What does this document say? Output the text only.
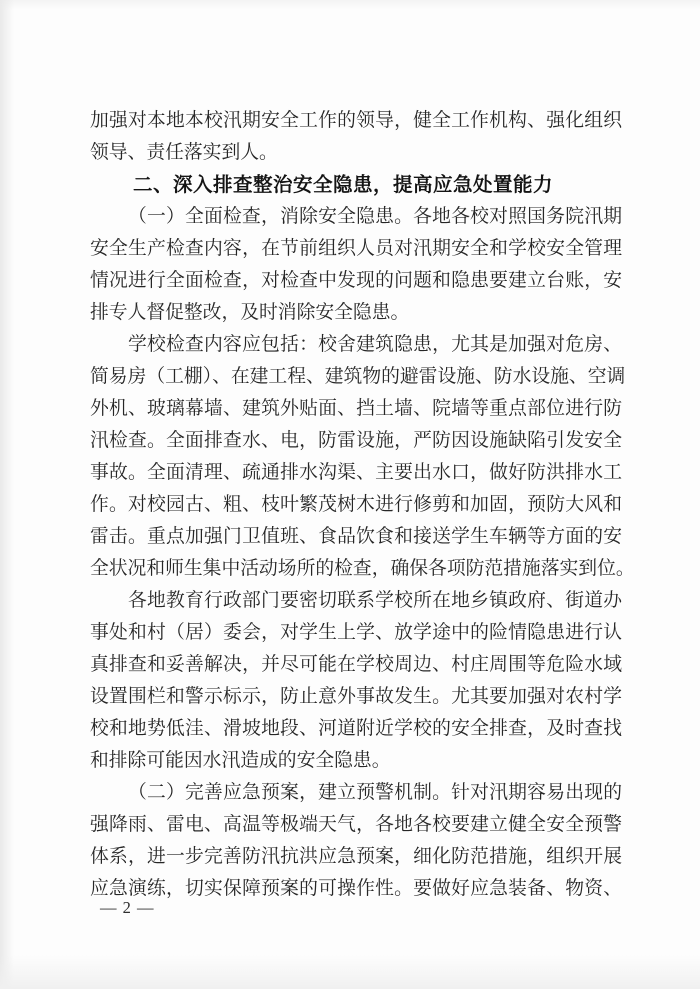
加强对本地本校汛期安全工作的领导，健全工作机构、强化组织
领导、责任落实到人。
二、深入排查整治安全隐患，提高应急处置能力
（一）全面检查，消除安全隐患。各地各校对照国务院汛期
安全生产检查内容，在节前组织人员对汛期安全和学校安全管理
情况进行全面检查，对检查中发现的问题和隐患要建立台账，安
排专人督促整改，及时消除安全隐患。
学校检查内容应包括：校舍建筑隐患，尤其是加强对危房、
简易房（工棚）、在建工程、建筑物的避雷设施、防水设施、空调
外机、玻璃幕墙、建筑外贴面、挡土墙、院墙等重点部位进行防
汛检查。全面排查水、电，防雷设施，严防因设施缺陷引发安全
事故。全面清理、疏通排水沟渠、主要出水口，做好防洪排水工
作。对校园古、粗、枝叶繁茂树木进行修剪和加固，预防大风和
雷击。重点加强门卫值班、食品饮食和接送学生车辆等方面的安
全状况和师生集中活动场所的检查，确保各项防范措施落实到位。
各地教育行政部门要密切联系学校所在地乡镇政府、街道办
事处和村（居）委会，对学生上学、放学途中的险情隐患进行认
真排查和妥善解决，并尽可能在学校周边、村庄周围等危险水域
设置围栏和警示标示，防止意外事故发生。尤其要加强对农村学
校和地势低洼、滑坡地段、河道附近学校的安全排查，及时查找
和排除可能因水汛造成的安全隐患。
（二）完善应急预案，建立预警机制。针对汛期容易出现的
强降雨、雷电、高温等极端天气，各地各校要建立健全安全预警
体系，进一步完善防汛抗洪应急预案，细化防范措施，组织开展
应急演练，切实保障预案的可操作性。要做好应急装备、物资、
— 2 —
